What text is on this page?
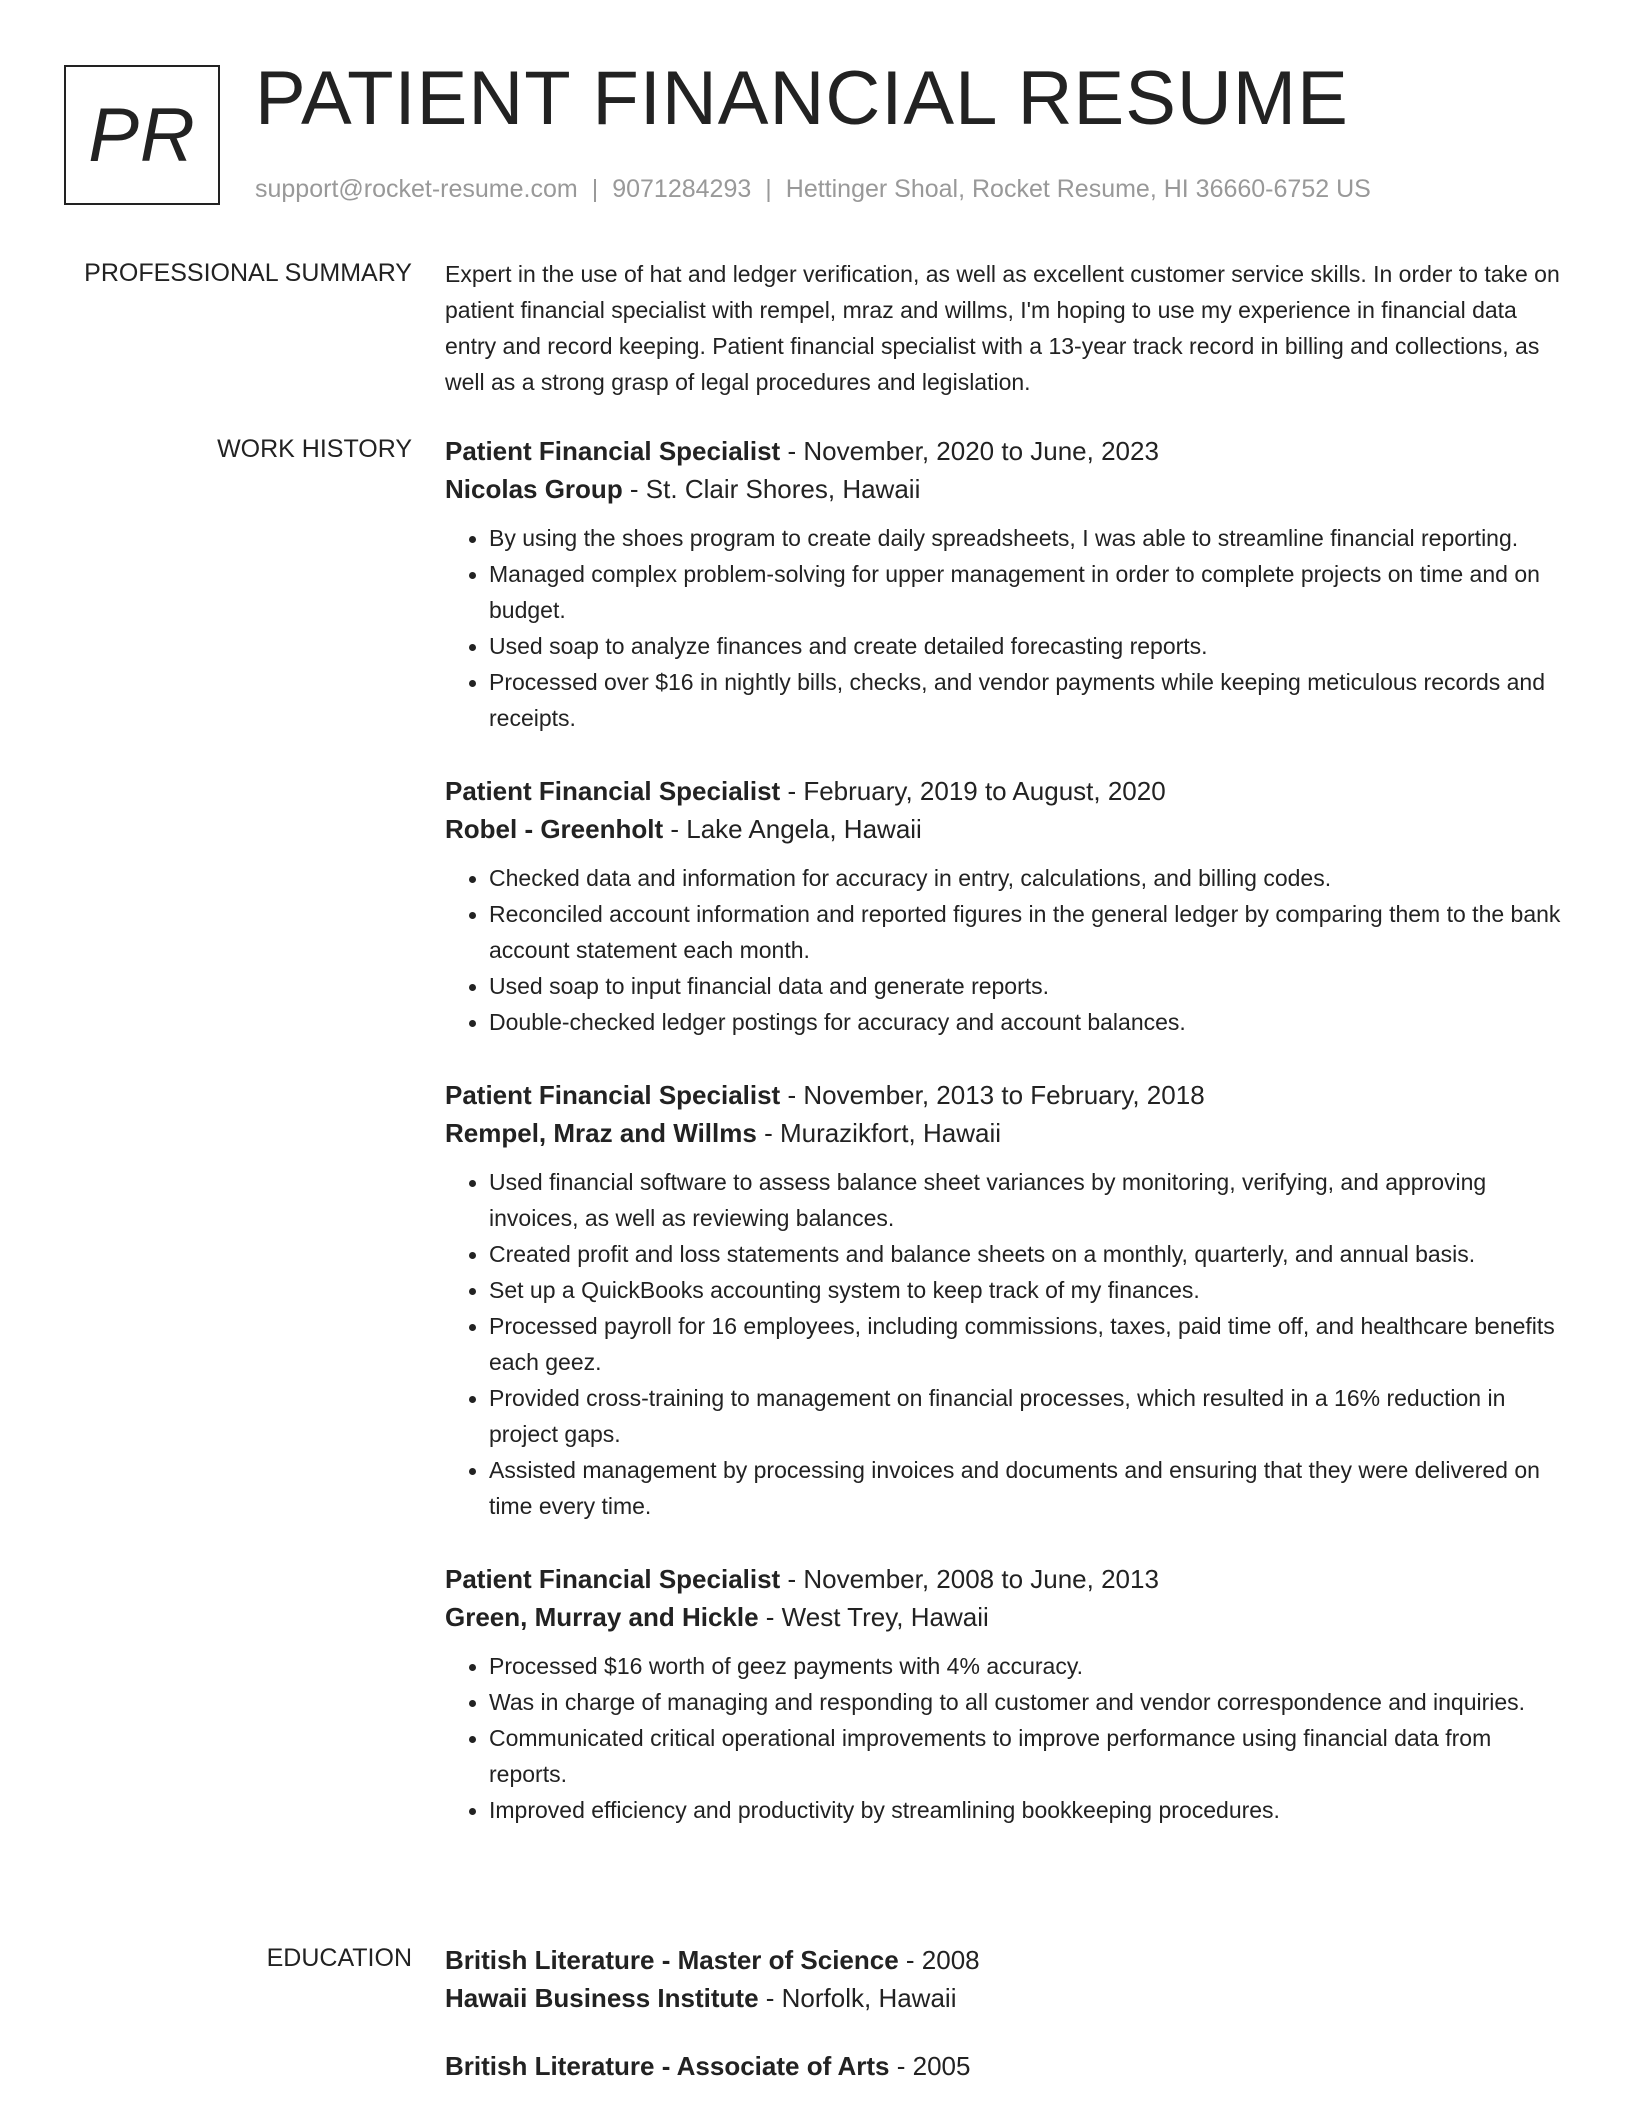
PR PATIENT FINANCIAL RESUME
support@rocket-resume.com | 9071284293 | Hettinger Shoal, Rocket Resume, HI 36660-6752 US
PROFESSIONAL SUMMARY Expert in the use of hat and ledger verification, as well as excellent customer service skills. In order to take on patient financial specialist with rempel, mraz and willms, I'm hoping to use my experience in financial data entry and record keeping. Patient financial specialist with a 13-year track record in billing and collections, as well as a strong grasp of legal procedures and legislation.

WORK HISTORY Patient Financial Specialist - November, 2020 to June, 2023
Nicolas Group - St. Clair Shores, Hawaii
• By using the shoes program to create daily spreadsheets, I was able to streamline financial reporting.
• Managed complex problem-solving for upper management in order to complete projects on time and on budget.
• Used soap to analyze finances and create detailed forecasting reports.
• Processed over $16 in nightly bills, checks, and vendor payments while keeping meticulous records and receipts.
Patient Financial Specialist - February, 2019 to August, 2020
Robel - Greenholt - Lake Angela, Hawaii
• Checked data and information for accuracy in entry, calculations, and billing codes.
• Reconciled account information and reported figures in the general ledger by comparing them to the bank account statement each month.
• Used soap to input financial data and generate reports.
• Double-checked ledger postings for accuracy and account balances.
Patient Financial Specialist - November, 2013 to February, 2018
Rempel, Mraz and Willms - Murazikfort, Hawaii
• Used financial software to assess balance sheet variances by monitoring, verifying, and approving invoices, as well as reviewing balances.
• Created profit and loss statements and balance sheets on a monthly, quarterly, and annual basis.
• Set up a QuickBooks accounting system to keep track of my finances.
• Processed payroll for 16 employees, including commissions, taxes, paid time off, and healthcare benefits each geez.
• Provided cross-training to management on financial processes, which resulted in a 16% reduction in project gaps.
• Assisted management by processing invoices and documents and ensuring that they were delivered on time every time.
Patient Financial Specialist - November, 2008 to June, 2013
Green, Murray and Hickle - West Trey, Hawaii
• Processed $16 worth of geez payments with 4% accuracy.
• Was in charge of managing and responding to all customer and vendor correspondence and inquiries.
• Communicated critical operational improvements to improve performance using financial data from reports.
• Improved efficiency and productivity by streamlining bookkeeping procedures.
EDUCATION British Literature - Master of Science - 2008
Hawaii Business Institute - Norfolk, Hawaii
British Literature - Associate of Arts - 2005
